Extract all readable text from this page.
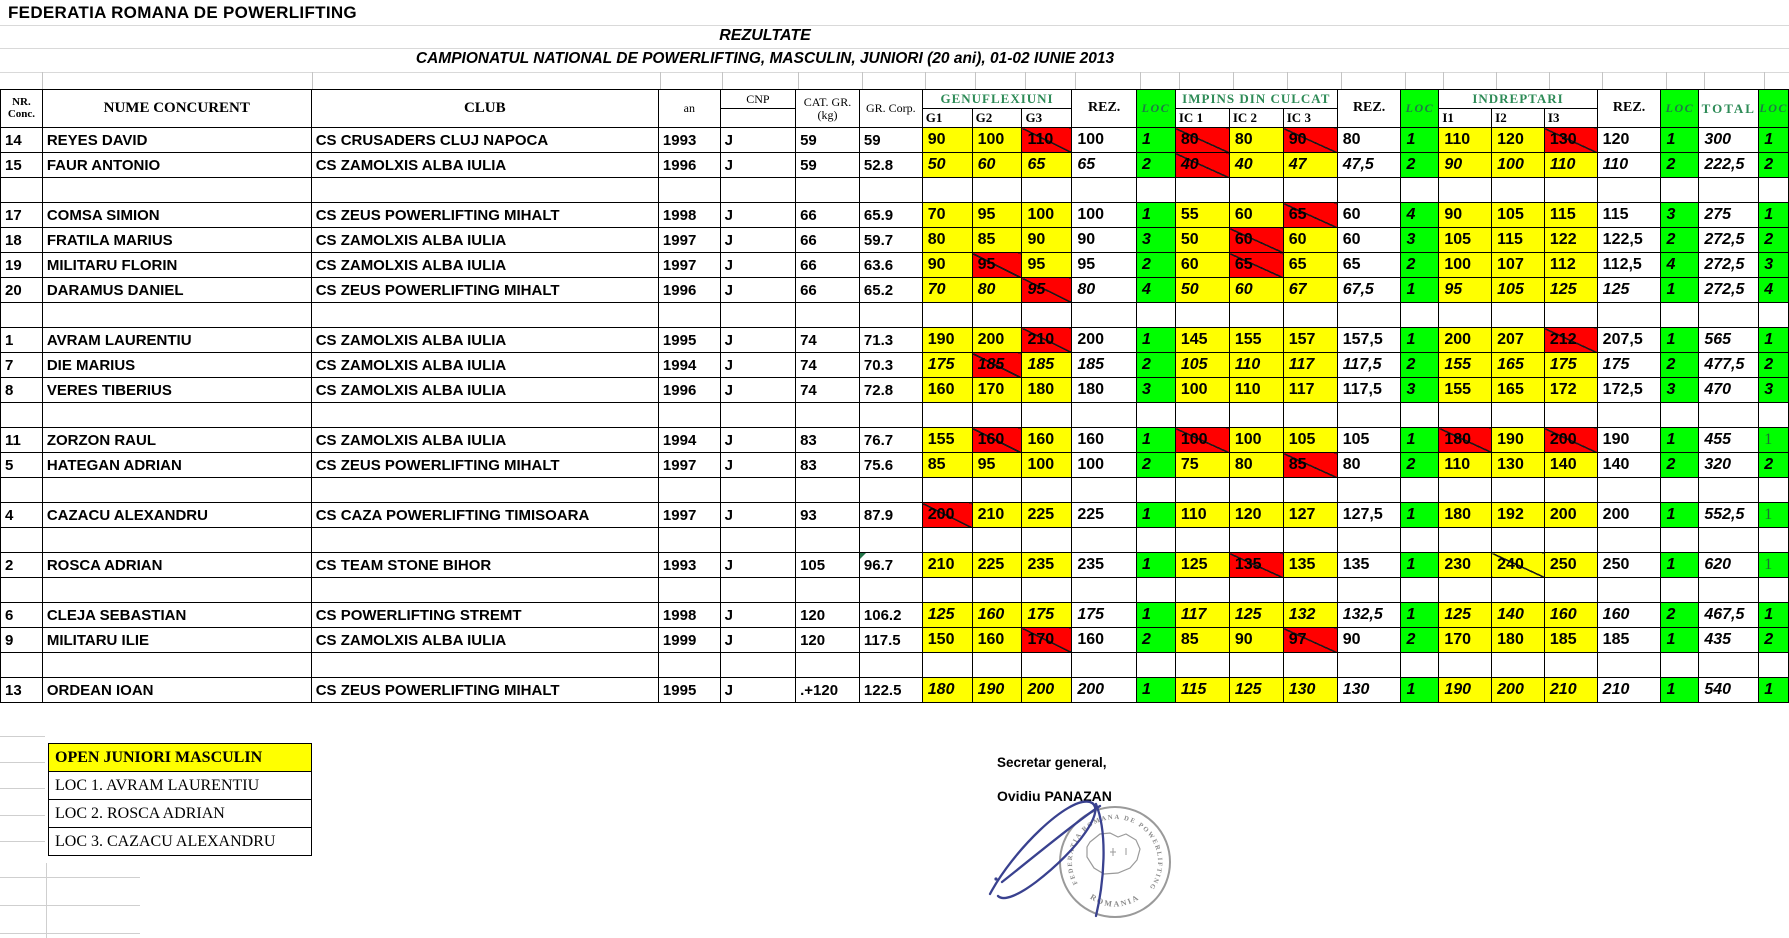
FEDERATIA ROMANA DE POWERLIFTING
REZULTATE
CAMPIONATUL NATIONAL DE POWERLIFTING, MASCULIN, JUNIORI (20 ani), 01-02 IUNIE 2013
NR.
Conc.	NUME CONCURENT	CLUB	an	CNP	CAT. GR.
(kg)	GR. Corp.	GENUFLEXIUNI			REZ.	LOC	IMPINS DIN CULCAT			REZ.	LOC	INDREPTARI			REZ.	LOC	TOTAL	LOC
							G1	G2	G3			IC 1	IC 2	IC 3			I1	I2	I3				
14	REYES DAVID	CS CRUSADERS CLUJ NAPOCA	1993	J	59	59	90	100	110	100	1	80	80	90	80	1	110	120	130	120	1	300	1
15	FAUR ANTONIO	CS ZAMOLXIS ALBA IULIA	1996	J	59	52.8	50	60	65	65	2	40	40	47	47,5	2	90	100	110	110	2	222,5	2

17	COMSA SIMION	CS ZEUS POWERLIFTING MIHALT	1998	J	66	65.9	70	95	100	100	1	55	60	65	60	4	90	105	115	115	3	275	1
18	FRATILA MARIUS	CS ZAMOLXIS ALBA IULIA	1997	J	66	59.7	80	85	90	90	3	50	60	60	60	3	105	115	122	122,5	2	272,5	2
19	MILITARU FLORIN	CS ZAMOLXIS ALBA IULIA	1997	J	66	63.6	90	95	95	95	2	60	65	65	65	2	100	107	112	112,5	4	272,5	3
20	DARAMUS DANIEL	CS ZEUS POWERLIFTING MIHALT	1996	J	66	65.2	70	80	95	80	4	50	60	67	67,5	1	95	105	125	125	1	272,5	4

1	AVRAM LAURENTIU	CS ZAMOLXIS ALBA IULIA	1995	J	74	71.3	190	200	210	200	1	145	155	157	157,5	1	200	207	212	207,5	1	565	1
7	DIE MARIUS	CS ZAMOLXIS ALBA IULIA	1994	J	74	70.3	175	185	185	185	2	105	110	117	117,5	2	155	165	175	175	2	477,5	2
8	VERES TIBERIUS	CS ZAMOLXIS ALBA IULIA	1996	J	74	72.8	160	170	180	180	3	100	110	117	117,5	3	155	165	172	172,5	3	470	3

11	ZORZON RAUL	CS ZAMOLXIS ALBA IULIA	1994	J	83	76.7	155	160	160	160	1	100	100	105	105	1	180	190	200	190	1	455	1
5	HATEGAN ADRIAN	CS ZEUS POWERLIFTING MIHALT	1997	J	83	75.6	85	95	100	100	2	75	80	85	80	2	110	130	140	140	2	320	2

4	CAZACU ALEXANDRU	CS CAZA POWERLIFTING TIMISOARA	1997	J	93	87.9	200	210	225	225	1	110	120	127	127,5	1	180	192	200	200	1	552,5	1

2	ROSCA ADRIAN	CS TEAM STONE BIHOR	1993	J	105	96.7	210	225	235	235	1	125	135	135	135	1	230	240	250	250	1	620	1

6	CLEJA SEBASTIAN	CS POWERLIFTING STREMT	1998	J	120	106.2	125	160	175	175	1	117	125	132	132,5	1	125	140	160	160	2	467,5	1
9	MILITARU ILIE	CS ZAMOLXIS ALBA IULIA	1999	J	120	117.5	150	160	170	160	2	85	90	97	90	2	170	180	185	185	1	435	2

13	ORDEAN IOAN	CS ZEUS POWERLIFTING MIHALT	1995	J	.+120	122.5	180	190	200	200	1	115	125	130	130	1	190	200	210	210	1	540	1
OPEN JUNIORI MASCULIN
LOC 1. AVRAM LAURENTIU
LOC 2. ROSCA ADRIAN
LOC 3. CAZACU ALEXANDRU
Secretar general,
Ovidiu PANAZAN
FEDERATIA ROMANA DE POWERLIFTING
ROMANIA
